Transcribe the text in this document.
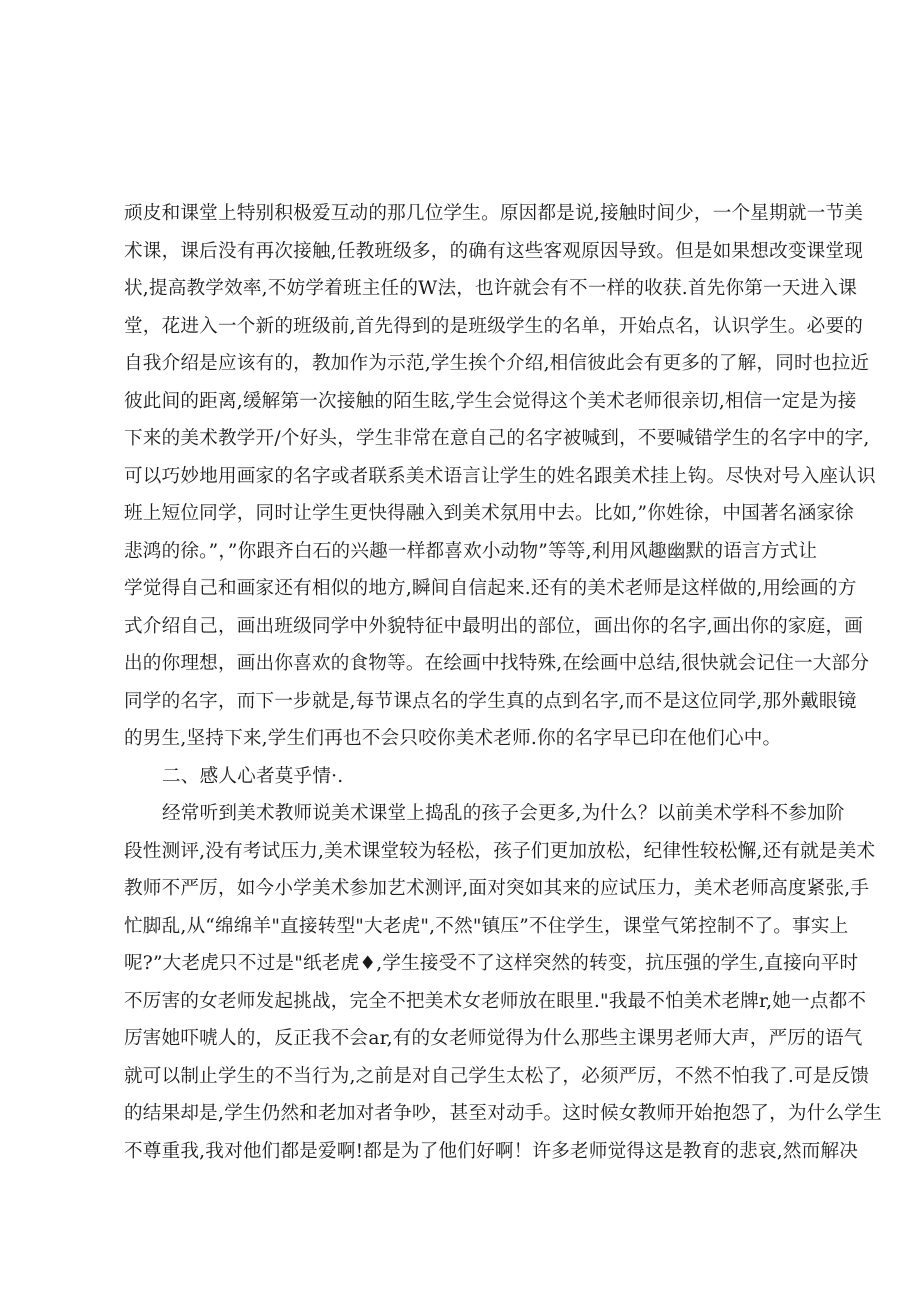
顽皮和课堂上特别积极爱互动的那几位学生。原因都是说,接触时间少，一个星期就一节美
术课，课后没有再次接触,任教班级多，的确有这些客观原因导致。但是如果想改变课堂现
状,提高教学效率,不妨学着班主任的W法，也许就会有不一样的收获.首先你第一天进入课
堂，花进入一个新的班级前,首先得到的是班级学生的名单，开始点名，认识学生。必要的
自我介绍是应该有的，教加作为示范,学生挨个介绍,相信彼此会有更多的了解，同时也拉近
彼此间的距离,缓解第一次接触的陌生眩,学生会觉得这个美术老师很亲切,相信一定是为接
下来的美术教学开/个好头，学生非常在意自己的名字被喊到，不要喊错学生的名字中的字,
可以巧妙地用画家的名字或者联系美术语言让学生的姓名跟美术挂上钩。尽快对号入座认识
班上短位同学，同时让学生更快得融入到美术氛用中去。比如,”你姓徐，中国著名涵家徐
悲鸿的徐。”，”你跟齐白石的兴趣一样都喜欢小动物”等等,利用风趣幽默的语言方式让
学觉得自己和画家还有相似的地方,瞬间自信起来.还有的美术老师是这样做的,用绘画的方
式介绍自己，画出班级同学中外貌特征中最明出的部位，画出你的名字,画出你的家庭，画
出的你理想，画出你喜欢的食物等。在绘画中找特殊,在绘画中总结,很快就会记住一大部分
同学的名字，而下一步就是,每节课点名的学生真的点到名字,而不是这位同学,那外戴眼镜
的男生,坚持下来,学生们再也不会只咬你美术老师.你的名字早已印在他们心中。
二、感人心者莫乎情·.
经常听到美术教师说美术课堂上捣乱的孩子会更多,为什么？以前美术学科不参加阶
段性测评,没有考试压力,美术课堂较为轻松，孩子们更加放松，纪律性较松懈,还有就是美术
教师不严厉，如今小学美术参加艺术测评,面对突如其来的应试压力，美术老师高度紧张,手
忙脚乱,从“绵绵羊"直接转型"大老虎",不然"镇压”不住学生，课堂气笫控制不了。事实上
呢?”大老虎只不过是"纸老虎♦,学生接受不了这样突然的转变，抗压强的学生,直接向平时
不厉害的女老师发起挑战，完全不把美术女老师放在眼里."我最不怕美术老牌r,她一点都不
厉害她吓唬人的，反正我不会ar,有的女老师觉得为什么那些主课男老师大声，严厉的语气
就可以制止学生的不当行为,之前是对自己学生太松了，必须严厉，不然不怕我了.可是反馈
的结果却是,学生仍然和老加对者争吵，甚至对动手。这时候女教师开始抱怨了，为什么学生
不尊重我,我对他们都是爱啊!都是为了他们好啊！许多老师觉得这是教育的悲哀,然而解决
